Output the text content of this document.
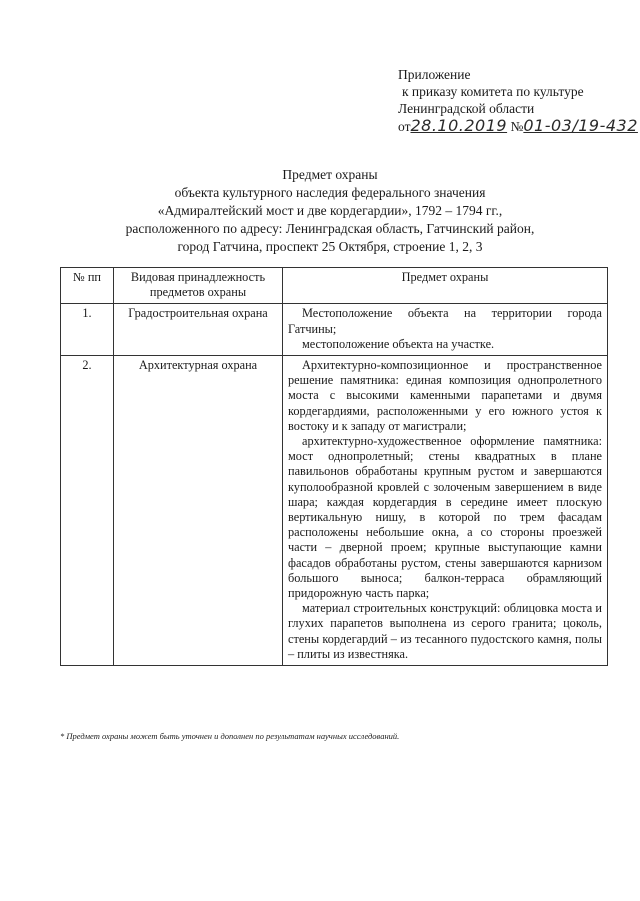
Приложение
к приказу комитета по культуре
Ленинградской области
от28.10.2019 №01-03/19-432
Предмет охраны
объекта культурного наследия федерального значения
«Адмиралтейский мост и две кордегардии», 1792 – 1794 гг.,
расположенного по адресу: Ленинградская область, Гатчинский район,
город Гатчина, проспект 25 Октября, строение 1, 2, 3
№ пп	Видовая принадлежность предметов охраны	Предмет охраны
1.	Градостроительная охрана	Местоположение объекта на территории города Гатчины;

местоположение объекта на участке.

2.	Архитектурная охрана	Архитектурно-композиционное и пространственное решение памятника: единая композиция однопролетного моста с высокими каменными парапетами и двумя кордегардиями, расположенными у его южного устоя к востоку и к западу от магистрали;

архитектурно-художественное оформление памятника: мост однопролетный; стены квадратных в плане павильонов обработаны крупным рустом и завершаются куполообразной кровлей с золоченым завершением в виде шара; каждая кордегардия в середине имеет плоскую вертикальную нишу, в которой по трем фасадам расположены небольшие окна, а со стороны проезжей части – дверной проем; крупные выступающие камни фасадов обработаны рустом, стены завершаются карнизом большого выноса; балкон-терраса обрамляющий придорожную часть парка;

материал строительных конструкций: облицовка моста и глухих парапетов выполнена из серого гранита; цоколь, стены кордегардий – из тесанного пудостского камня, полы – плиты из известняка.

* Предмет охраны может быть уточнен и дополнен по результатам научных исследований.
